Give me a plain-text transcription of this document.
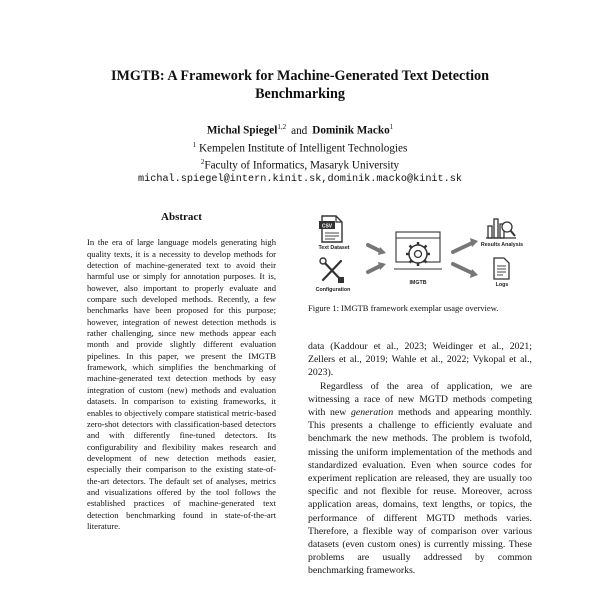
IMGTB: A Framework for Machine-Generated Text Detection
Benchmarking
Michal Spiegel$^{1,2}$ and Dominik Macko$^1$
$^1$ Kempelen Institute of Intelligent Technologies
$^2$Faculty of Informatics, Masaryk University
michal.spiegel@intern.kinit.sk,dominik.macko@kinit.sk
Abstract

In the era of large language models generating high quality texts, it is a necessity to develop methods for detection of machine-generated text to avoid their harmful use or simply for annotation purposes. It is, however, also important to properly evaluate and compare such developed methods. Recently, a few benchmarks have been proposed for this purpose; however, integration of newest detection methods is rather challenging, since new methods appear each month and provide slightly different evaluation pipelines. In this paper, we present the IMGTB framework, which simplifies the benchmarking of machine-generated text detection methods by easy integration of custom (new) methods and evaluation datasets. In comparison to existing frameworks, it enables to objectively compare statistical metric-based zero-shot detectors with classification-based detectors and with differently fine-tuned detectors. Its configurability and flexibility makes research and development of new detection methods easier, especially their comparison to the existing state-of-the-art detectors. The default set of analyses, metrics and visualizations offered by the tool follows the established practices of machine-generated text detection benchmarking found in state-of-the-art literature.

CSV
Text Dataset
Configuration
IMGTB
Results Analysis
Logs
Figure 1: IMGTB framework exemplar usage overview.

data (Kaddour et al., 2023; Weidinger et al., 2021; Zellers et al., 2019; Wahle et al., 2022; Vykopal et al., 2023).

Regardless of the area of application, we are witnessing a race of new MGTD methods competing with new generation methods and appearing monthly. This presents a challenge to efficiently evaluate and benchmark the new methods. The problem is twofold, missing the uniform implementation of the methods and standardized evaluation. Even when source codes for experiment replication are released, they are usually too specific and not flexible for reuse. Moreover, across application areas, domains, text lengths, or topics, the performance of different MGTD methods varies. Therefore, a flexible way of comparison over various datasets (even custom ones) is currently missing. These problems are usually addressed by common benchmarking frameworks.
